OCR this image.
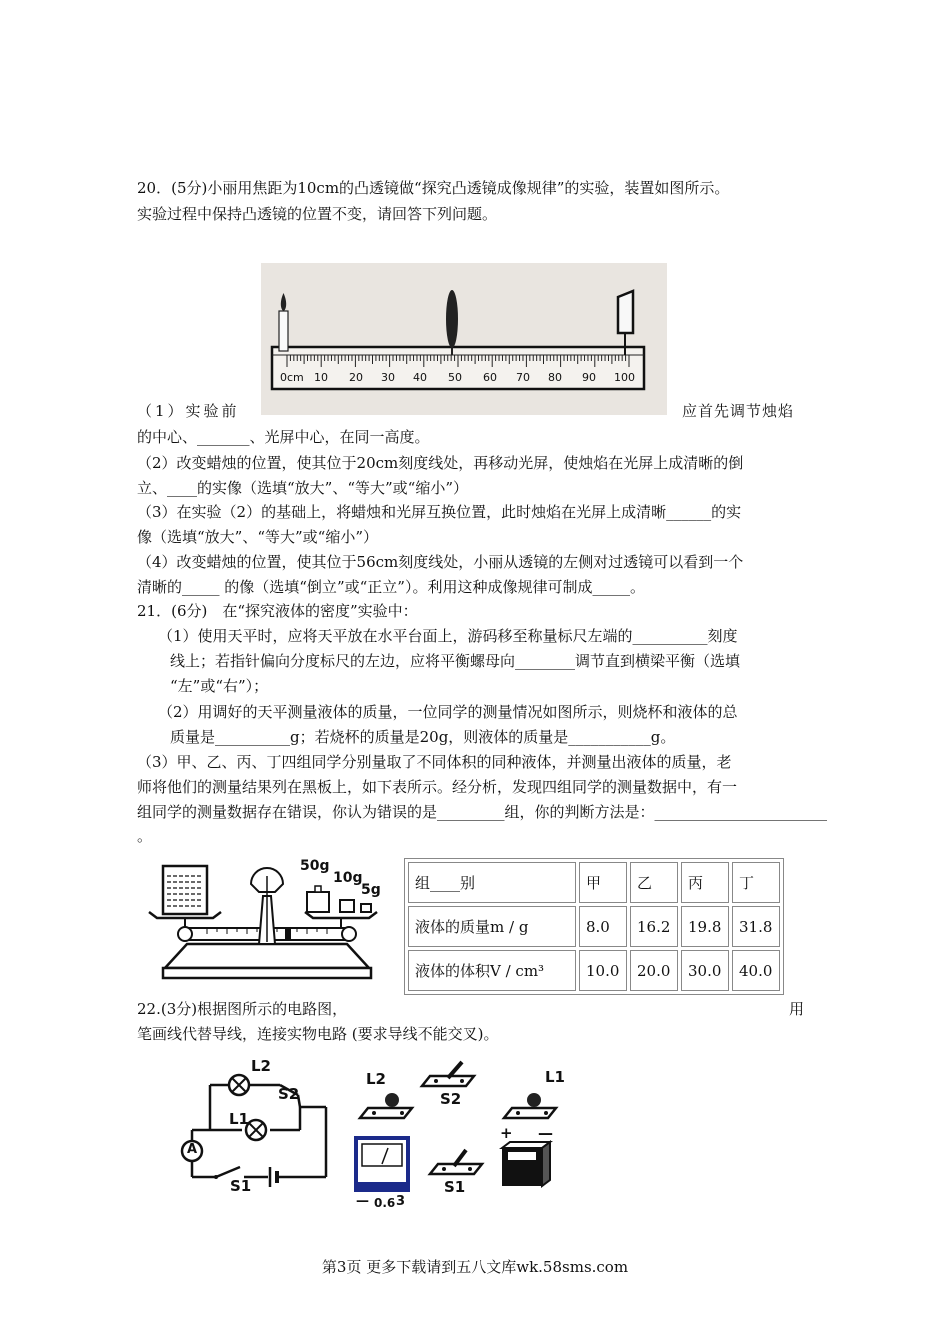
20．(5分)小丽用焦距为10cm的凸透镜做“探究凸透镜成像规律”的实验，装置如图所示。
实验过程中保持凸透镜的位置不变，请回答下列问题。
0cm 10 20 30 40 50 60 70 80 90 100
（1）实验前	应首先调节烛焰
的中心、_______、光屏中心，在同一高度。
（2）改变蜡烛的位置，使其位于20cm刻度线处，再移动光屏，使烛焰在光屏上成清晰的倒
立、____的实像（选填“放大”、“等大”或“缩小”）
（3）在实验（2）的基础上，将蜡烛和光屏互换位置，此时烛焰在光屏上成清晰______的实
像（选填“放大”、“等大”或“缩小”）
（4）改变蜡烛的位置，使其位于56cm刻度线处，小丽从透镜的左侧对过透镜可以看到一个
清晰的_____ 的像（选填“倒立”或“正立”）。利用这种成像规律可制成_____。
21．(6分)　在“探究液体的密度”实验中：
（1）使用天平时，应将天平放在水平台面上，游码移至称量标尺左端的__________刻度
线上；若指针偏向分度标尺的左边，应将平衡螺母向________调节直到横梁平衡（选填
“左”或“右”）；
（2）用调好的天平测量液体的质量，一位同学的测量情况如图所示，则烧杯和液体的总
质量是__________g；若烧杯的质量是20g，则液体的质量是___________g。
（3）甲、乙、丙、丁四组同学分别量取了不同体积的同种液体，并测量出液体的质量，老
师将他们的测量结果列在黑板上，如下表所示。经分析，发现四组同学的测量数据中，有一
组同学的测量数据存在错误，你认为错误的是_________组，你的判断方法是：_______________________
。
50g
10g
5g 组____别	甲	乙	丙	丁
液体的质量m / g	8.0	16.2	19.8	31.8
液体的体积V / cm³	10.0	20.0	30.0	40.0
22.(3分)根据图所示的电路图，	用
笔画线代替导线，连接实物电路 (要求导线不能交叉)。
L2
S2
L1
A
S1
L2
S2
L1
— 0.6 3
S1
+ —
第3页 更多下载请到五八文库wk.58sms.com
